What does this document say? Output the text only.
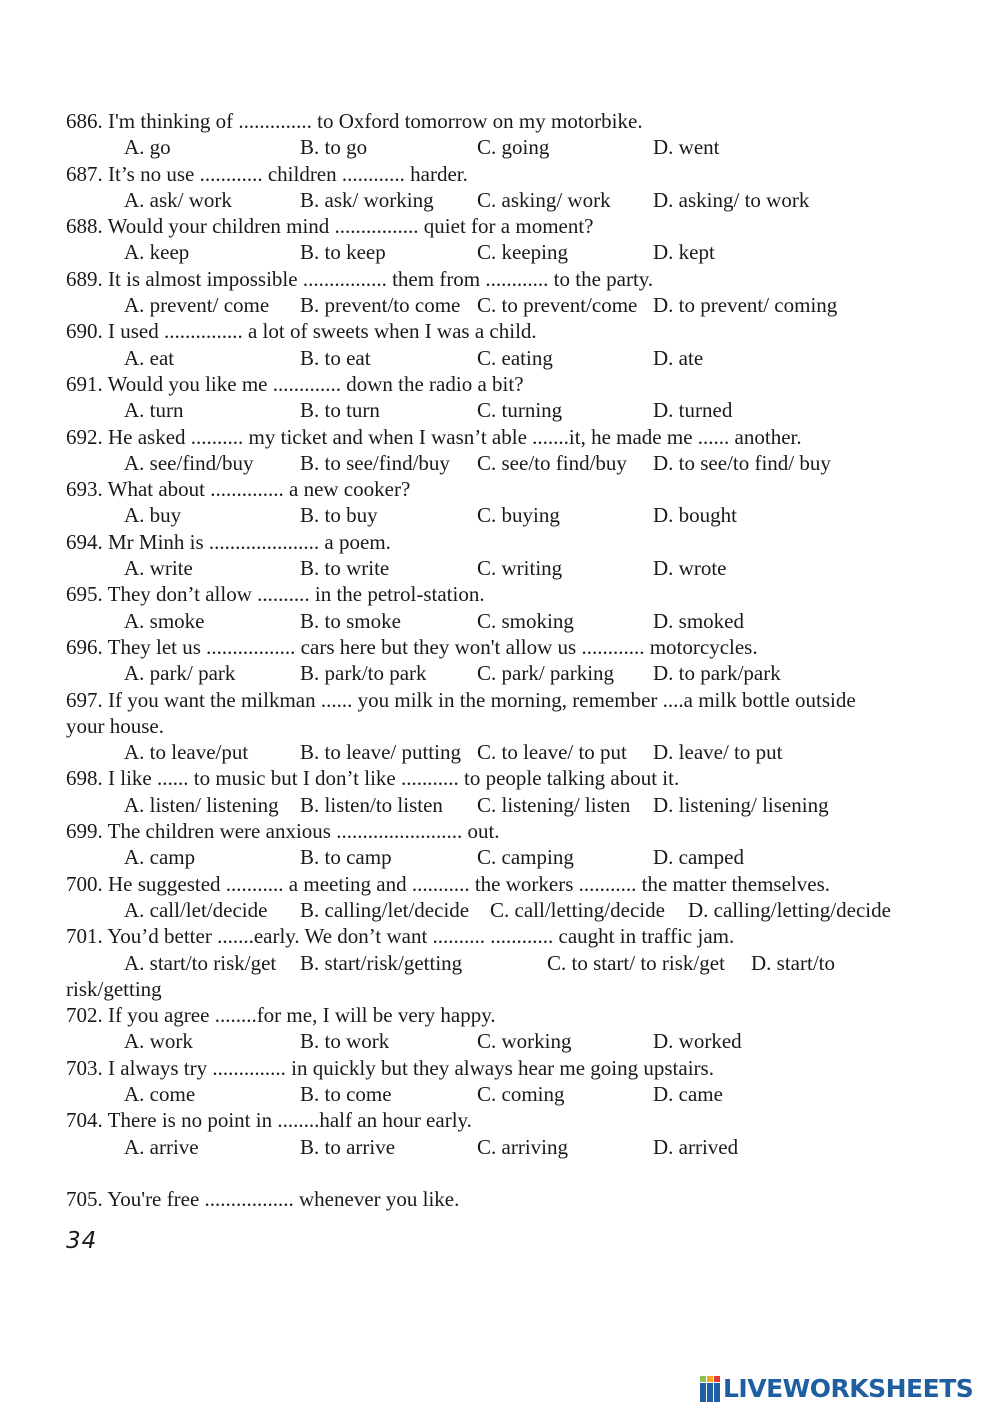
686. I'm thinking of .............. to Oxford tomorrow on my motorbike.
A. go	B. to go	C. going	D. went
687. It’s no use ............ children ............ harder.
A. ask/ work	B. ask/ working C. asking/ work D. asking/ to work
688. Would your children mind ................ quiet for a moment?
A. keep	B. to keep	C. keeping	D. kept
689. It is almost impossible ................ them from ............ to the party.
A. prevent/ come B. prevent/to come C. to prevent/come D. to prevent/ coming
690. I used ............... a lot of sweets when I was a child.
A. eat	B. to eat	C. eating	D. ate
691. Would you like me ............. down the radio a bit?
A. turn	B. to turn	C. turning	D. turned
692. He asked .......... my ticket and when I wasn’t able .......it, he made me ...... another.
A. see/find/buy B. to see/find/buy C. see/to find/buy D. to see/to find/ buy
693. What about .............. a new cooker?
A. buy	B. to buy	C. buying	D. bought
694. Mr Minh is ..................... a poem.
A. write	B. to write	C. writing	D. wrote
695. They don’t allow .......... in the petrol-station.
A. smoke	B. to smoke	C. smoking	D. smoked
696. They let us ................. cars here but they won't allow us ............ motorcycles.
A. park/ park	B. park/to park C. park/ parking D. to park/park
697. If you want the milkman ...... you milk in the morning, remember ....a milk bottle outside
your house.
A. to leave/put B. to leave/ putting C. to leave/ to put D. leave/ to put
698. I like ...... to music but I don’t like ........... to people talking about it.
A. listen/ listening B. listen/to listen C. listening/ listen D. listening/ lisening
699. The children were anxious ........................ out.
A. camp	B. to camp	C. camping	D. camped
700. He suggested ........... a meeting and ........... the workers ........... the matter themselves.
A. call/let/decide B. calling/let/decide C. call/letting/decide D. calling/letting/decide
701. You’d better .......early. We don’t want .......... ............ caught in traffic jam.
A. start/to risk/get B. start/risk/getting	C. to start/ to risk/get D. start/to
risk/getting
702. If you agree ........for me, I will be very happy.
A. work	B. to work	C. working	D. worked
703. I always try .............. in quickly but they always hear me going upstairs.
A. come	B. to come	C. coming	D. came
704. There is no point in ........half an hour early.
A. arrive	B. to arrive	C. arriving	D. arrived
705. You're free ................. whenever you like.
34
LIVEWORKSHEETS
